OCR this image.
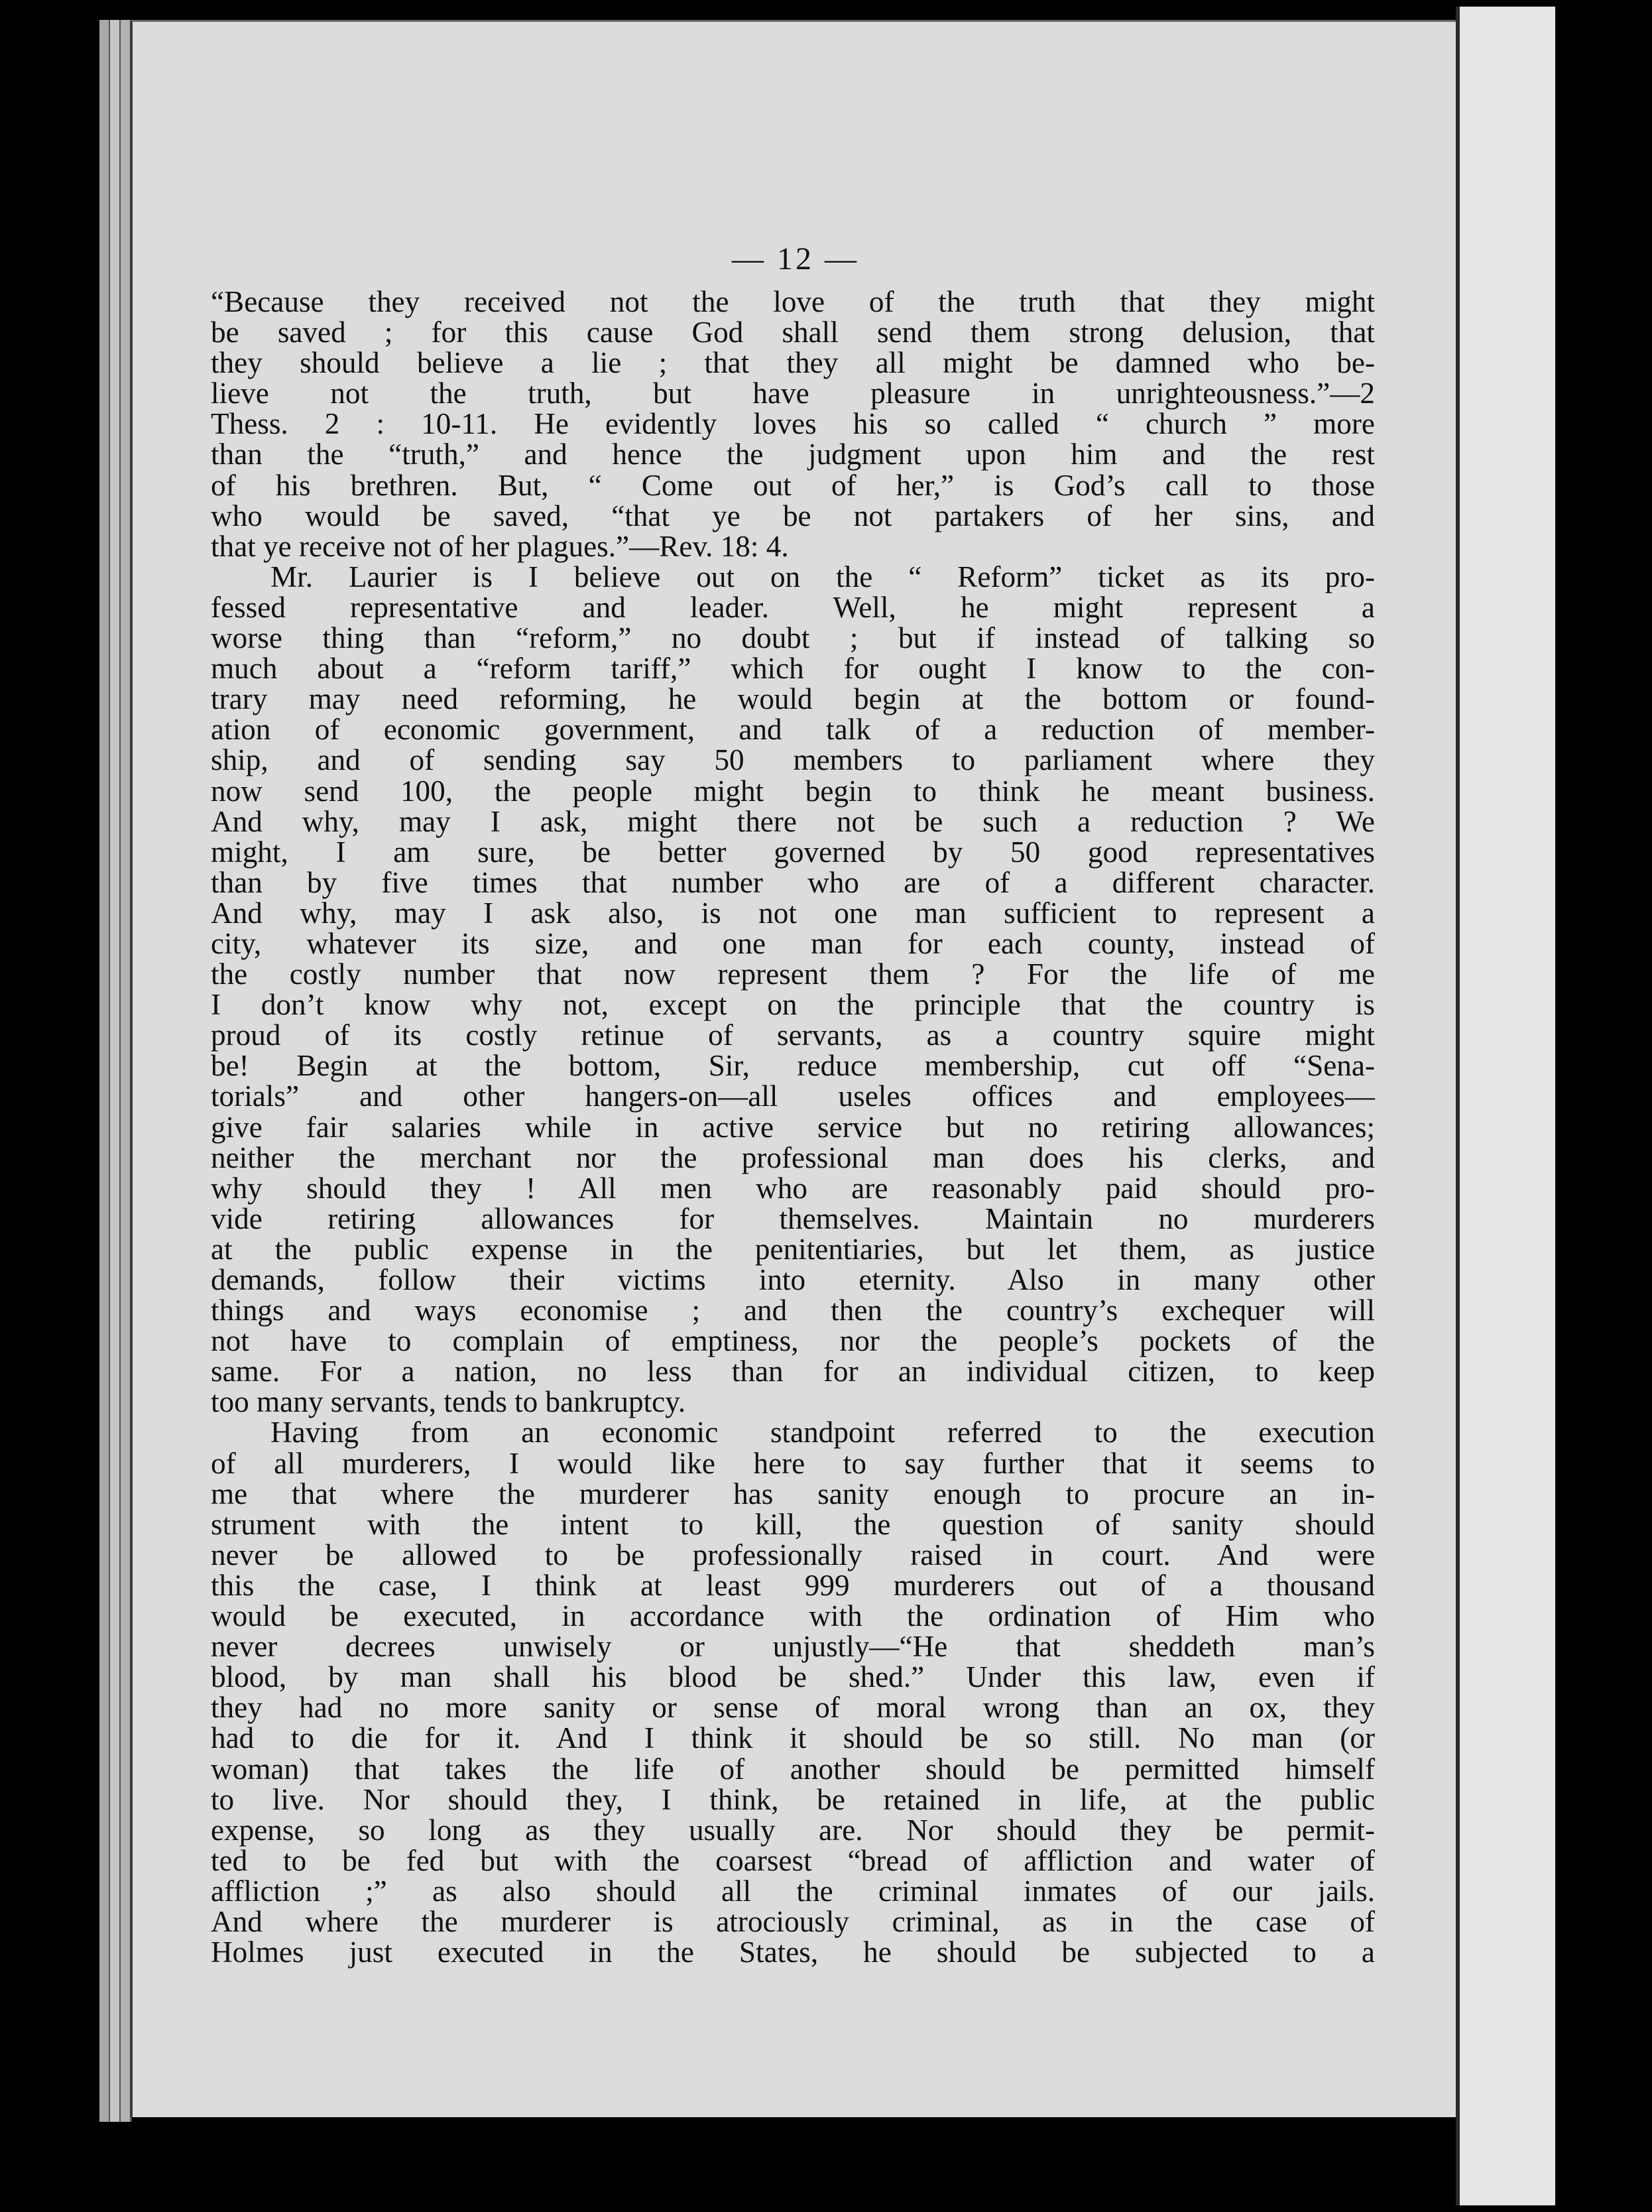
— 12 —
“Because they received not the love of the truth that they might
be saved ; for this cause God shall send them strong delusion, that
they should believe a lie ; that they all might be damned who be-
lieve not the truth, but have pleasure in unrighteousness.”—2
Thess. 2 : 10-11. He evidently loves his so called “ church ” more
than the “truth,” and hence the judgment upon him and the rest
of his brethren. But, “ Come out of her,” is God’s call to those
who would be saved, “that ye be not partakers of her sins, and
that ye receive not of her plagues.”—Rev. 18: 4.
Mr. Laurier is I believe out on the “ Reform” ticket as its pro-
fessed representative and leader. Well, he might represent a
worse thing than “reform,” no doubt ; but if instead of talking so
much about a “reform tariff,” which for ought I know to the con-
trary may need reforming, he would begin at the bottom or found-
ation of economic government, and talk of a reduction of member-
ship, and of sending say 50 members to parliament where they
now send 100, the people might begin to think he meant business.
And why, may I ask, might there not be such a reduction ? We
might, I am sure, be better governed by 50 good representatives
than by five times that number who are of a different character.
And why, may I ask also, is not one man sufficient to represent a
city, whatever its size, and one man for each county, instead of
the costly number that now represent them ? For the life of me
I don’t know why not, except on the principle that the country is
proud of its costly retinue of servants, as a country squire might
be! Begin at the bottom, Sir, reduce membership, cut off “Sena-
torials” and other hangers-on—all useles offices and employees—
give fair salaries while in active service but no retiring allowances;
neither the merchant nor the professional man does his clerks, and
why should they ! All men who are reasonably paid should pro-
vide retiring allowances for themselves. Maintain no murderers
at the public expense in the penitentiaries, but let them, as justice
demands, follow their victims into eternity. Also in many other
things and ways economise ; and then the country’s exchequer will
not have to complain of emptiness, nor the people’s pockets of the
same. For a nation, no less than for an individual citizen, to keep
too many servants, tends to bankruptcy.
Having from an economic standpoint referred to the execution
of all murderers, I would like here to say further that it seems to
me that where the murderer has sanity enough to procure an in-
strument with the intent to kill, the question of sanity should
never be allowed to be professionally raised in court. And were
this the case, I think at least 999 murderers out of a thousand
would be executed, in accordance with the ordination of Him who
never decrees unwisely or unjustly—“He that sheddeth man’s
blood, by man shall his blood be shed.” Under this law, even if
they had no more sanity or sense of moral wrong than an ox, they
had to die for it. And I think it should be so still. No man (or
woman) that takes the life of another should be permitted himself
to live. Nor should they, I think, be retained in life, at the public
expense, so long as they usually are. Nor should they be permit-
ted to be fed but with the coarsest “bread of affliction and water of
affliction ;” as also should all the criminal inmates of our jails.
And where the murderer is atrociously criminal, as in the case of
Holmes just executed in the States, he should be subjected to a
